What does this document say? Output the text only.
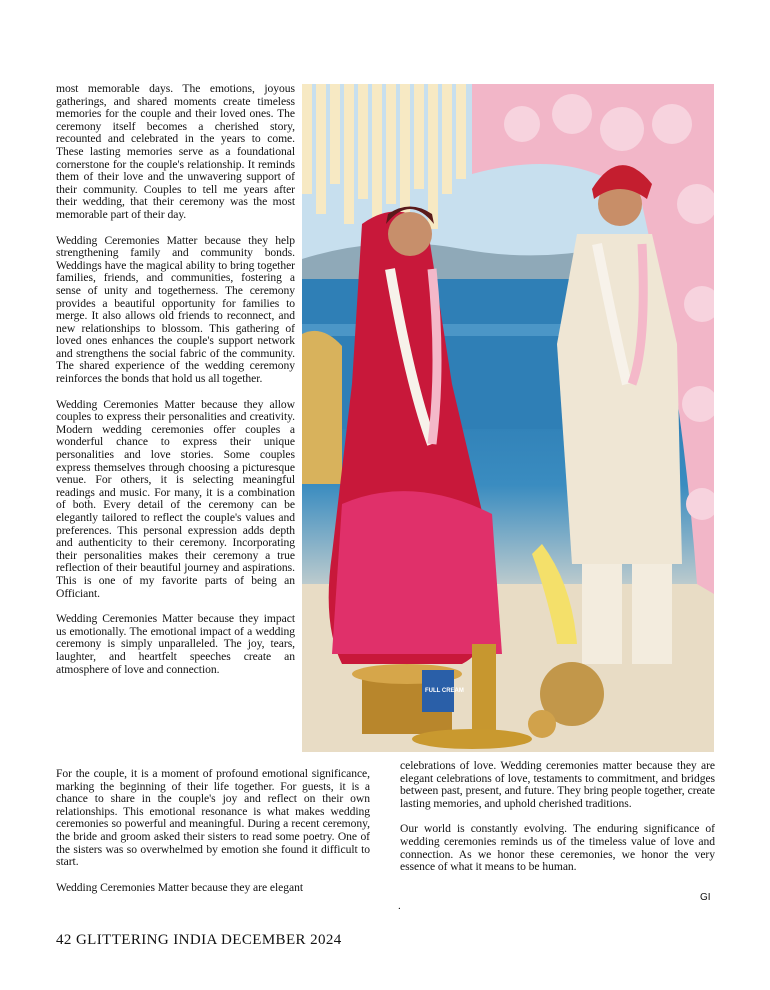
most memorable days. The emotions, joyous gatherings, and shared moments create timeless memories for the couple and their loved ones. The ceremony itself becomes a cherished story, recounted and celebrated in the years to come. These lasting memories serve as a foundational cornerstone for the couple's relationship. It reminds them of their love and the unwavering support of their community. Couples to tell me years after their wedding, that their ceremony was the most memorable part of their day.

Wedding Ceremonies Matter because they help strengthening family and community bonds. Weddings have the magical ability to bring together families, friends, and communities, fostering a sense of unity and togetherness. The ceremony provides a beautiful opportunity for families to merge. It also allows old friends to reconnect, and new relationships to blossom. This gathering of loved ones enhances the couple's support network and strengthens the social fabric of the community. The shared experience of the wedding ceremony reinforces the bonds that hold us all together.

Wedding Ceremonies Matter because they allow couples to express their personalities and creativity. Modern wedding ceremonies offer couples a wonderful chance to express their unique personalities and love stories. Some couples express themselves through choosing a picturesque venue. For others, it is selecting meaningful readings and music. For many, it is a combination of both. Every detail of the ceremony can be elegantly tailored to reflect the couple's values and preferences. This personal expression adds depth and authenticity to their ceremony. Incorporating their personalities makes their ceremony a true reflection of their beautiful journey and aspirations. This is one of my favorite parts of being an Officiant.

Wedding Ceremonies Matter because they impact us emotionally. The emotional impact of a wedding ceremony is simply unparalleled. The joy, tears, laughter, and heartfelt speeches create an atmosphere of love and connection.

FULL CREAM

For the couple, it is a moment of profound emotional significance, marking the beginning of their life together. For guests, it is a chance to share in the couple's joy and reflect on their own relationships. This emotional resonance is what makes wedding ceremonies so powerful and meaningful. During a recent ceremony, the bride and groom asked their sisters to read some poetry. One of the sisters was so overwhelmed by emotion she found it difficult to start.

Wedding Ceremonies Matter because they are elegant

celebrations of love. Wedding ceremonies matter because they are elegant celebrations of love, testaments to commitment, and bridges between past, present, and future. They bring people together, create lasting memories, and uphold cherished traditions.

Our world is constantly evolving. The enduring significance of wedding ceremonies reminds us of the timeless value of love and connection. As we honor these ceremonies, we honor the very essence of what it means to be human.

.
GI
42 GLITTERING INDIA DECEMBER 2024
